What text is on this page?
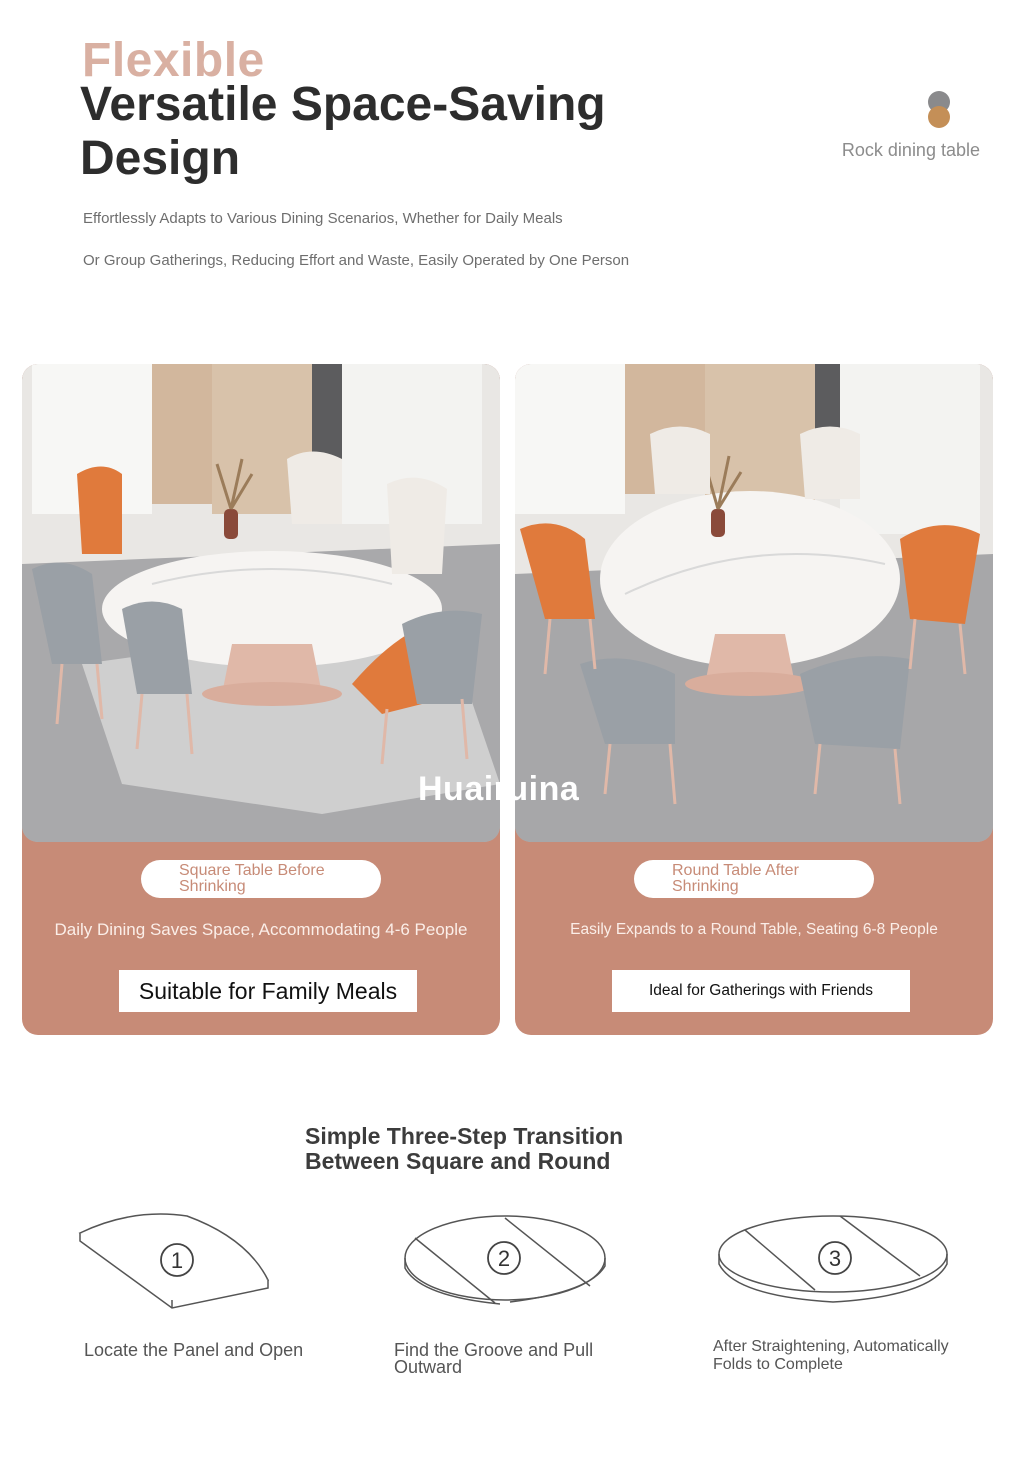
Flexible
Versatile Space-Saving Design	Rock dining table
Effortlessly Adapts to Various Dining Scenarios, Whether for Daily Meals
Or Group Gatherings, Reducing Effort and Waste, Easily Operated by One Person
Square Table Before Shrinking
Daily Dining Saves Space, Accommodating 4-6 People
Suitable for Family Meals
Round Table After Shrinking
Easily Expands to a Round Table, Seating 6-8 People
Ideal for Gatherings with Friends
Huairuina
Simple Three-Step Transition Between Square and Round
1	2	3
Locate the Panel and Open	Find the Groove and Pull Outward
After Straightening, Automatically Folds to Complete
